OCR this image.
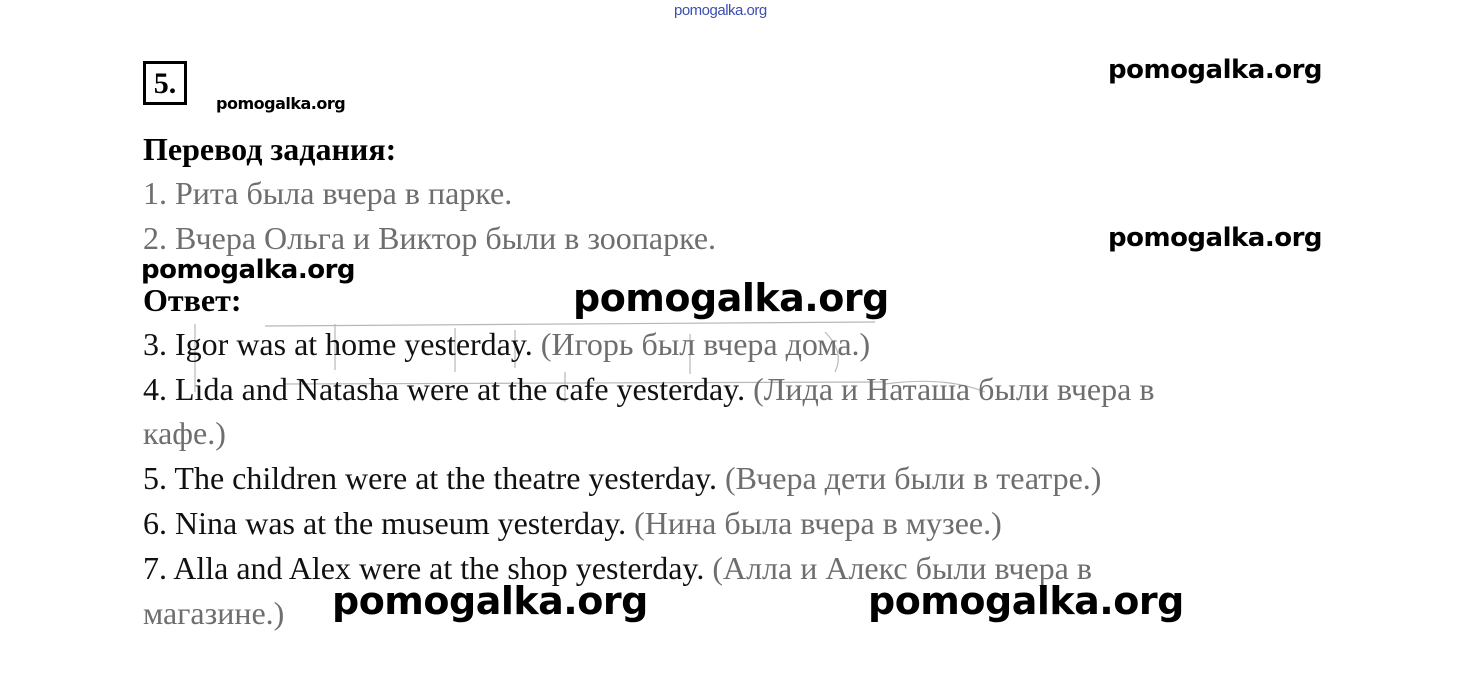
pomogalka.org
5.
pomogalka.org
pomogalka.org
Перевод задания:
1. Рита была вчера в парке.
2. Вчера Ольга и Виктор были в зоопарке.	pomogalka.org
pomogalka.org
Ответ:	pomogalka.org
3. Igor was at home yesterday. (Игорь был вчера дома.)
4. Lida and Natasha were at the cafe yesterday. (Лида и Наташа были вчера в
кафе.)
5. The children were at the theatre yesterday. (Вчера дети были в театре.)
6. Nina was at the museum yesterday. (Нина была вчера в музее.)
7. Alla and Alex were at the shop yesterday. (Алла и Алекс были вчера в
магазине.) pomogalka.org	pomogalka.org
